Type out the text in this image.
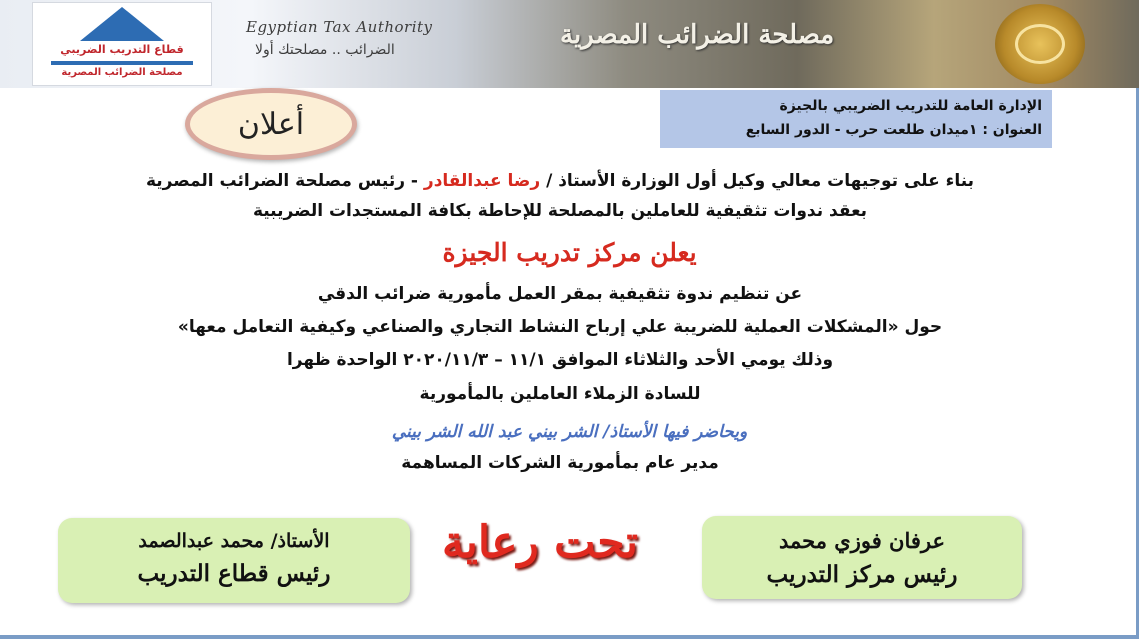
قطاع التدريب الضريبي
مصلحة الضرائب المصرية
Egyptian Tax Authority
الضرائب .. مصلحتك أولا	مصلحة الضرائب المصرية
الإدارة العامة للتدريب الضريبي بالجيزة
العنوان : ١ميدان طلعت حرب - الدور السابع
أعلان
بناء على توجيهات معالي وكيل أول الوزارة الأستاذ / رضا عبدالقادر - رئيس مصلحة الضرائب المصرية
بعقد ندوات تثقيفية للعاملين بالمصلحة للإحاطة بكافة المستجدات الضريبية
يعلن مركز تدريب الجيزة
عن تنظيم ندوة تثقيفية بمقر العمل مأمورية ضرائب الدقي
حول «المشكلات العملية للضريبة علي إرباح النشاط التجاري والصناعي وكيفية التعامل معها»
وذلك يومي الأحد والثلاثاء الموافق ١١/١ – ٢٠٢٠/١١/٣ الواحدة ظهرا
للسادة الزملاء العاملين بالمأمورية
ويحاضر فيها الأستاذ/ الشر بيني عبد الله الشر بيني
مدير عام بمأمورية الشركات المساهمة
الأستاذ/ محمد عبدالصمد
رئيس قطاع التدريب
تحت رعاية	عرفان فوزي محمد
رئيس مركز التدريب
